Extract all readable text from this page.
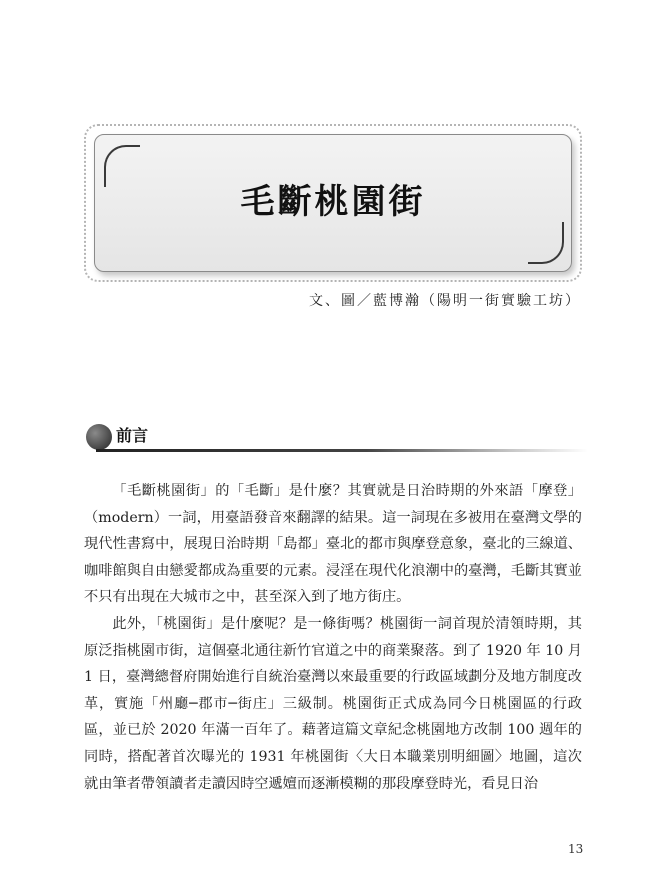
毛斷桃園街
文、圖／藍博瀚（陽明一街實驗工坊）
前言

「毛斷桃園街」的「毛斷」是什麼？其實就是日治時期的外來語「摩登」（modern）一詞，用臺語發音來翻譯的結果。這一詞現在多被用在臺灣文學的現代性書寫中，展現日治時期「島都」臺北的都市與摩登意象，臺北的三線道、咖啡館與自由戀愛都成為重要的元素。浸淫在現代化浪潮中的臺灣，毛斷其實並不只有出現在大城市之中，甚至深入到了地方街庄。

此外，「桃園街」是什麼呢？是一條街嗎？桃園街一詞首現於清領時期，其原泛指桃園市街，這個臺北通往新竹官道之中的商業聚落。到了 1920 年 10 月 1 日，臺灣總督府開始進行自統治臺灣以來最重要的行政區域劃分及地方制度改革，實施「州廳─郡市─街庄」三級制。桃園街正式成為同今日桃園區的行政區，並已於 2020 年滿一百年了。藉著這篇文章紀念桃園地方改制 100 週年的同時，搭配著首次曝光的 1931 年桃園街〈大日本職業別明細圖〉地圖，這次就由筆者帶領讀者走讀因時空遞嬗而逐漸模糊的那段摩登時光，看見日治

13
